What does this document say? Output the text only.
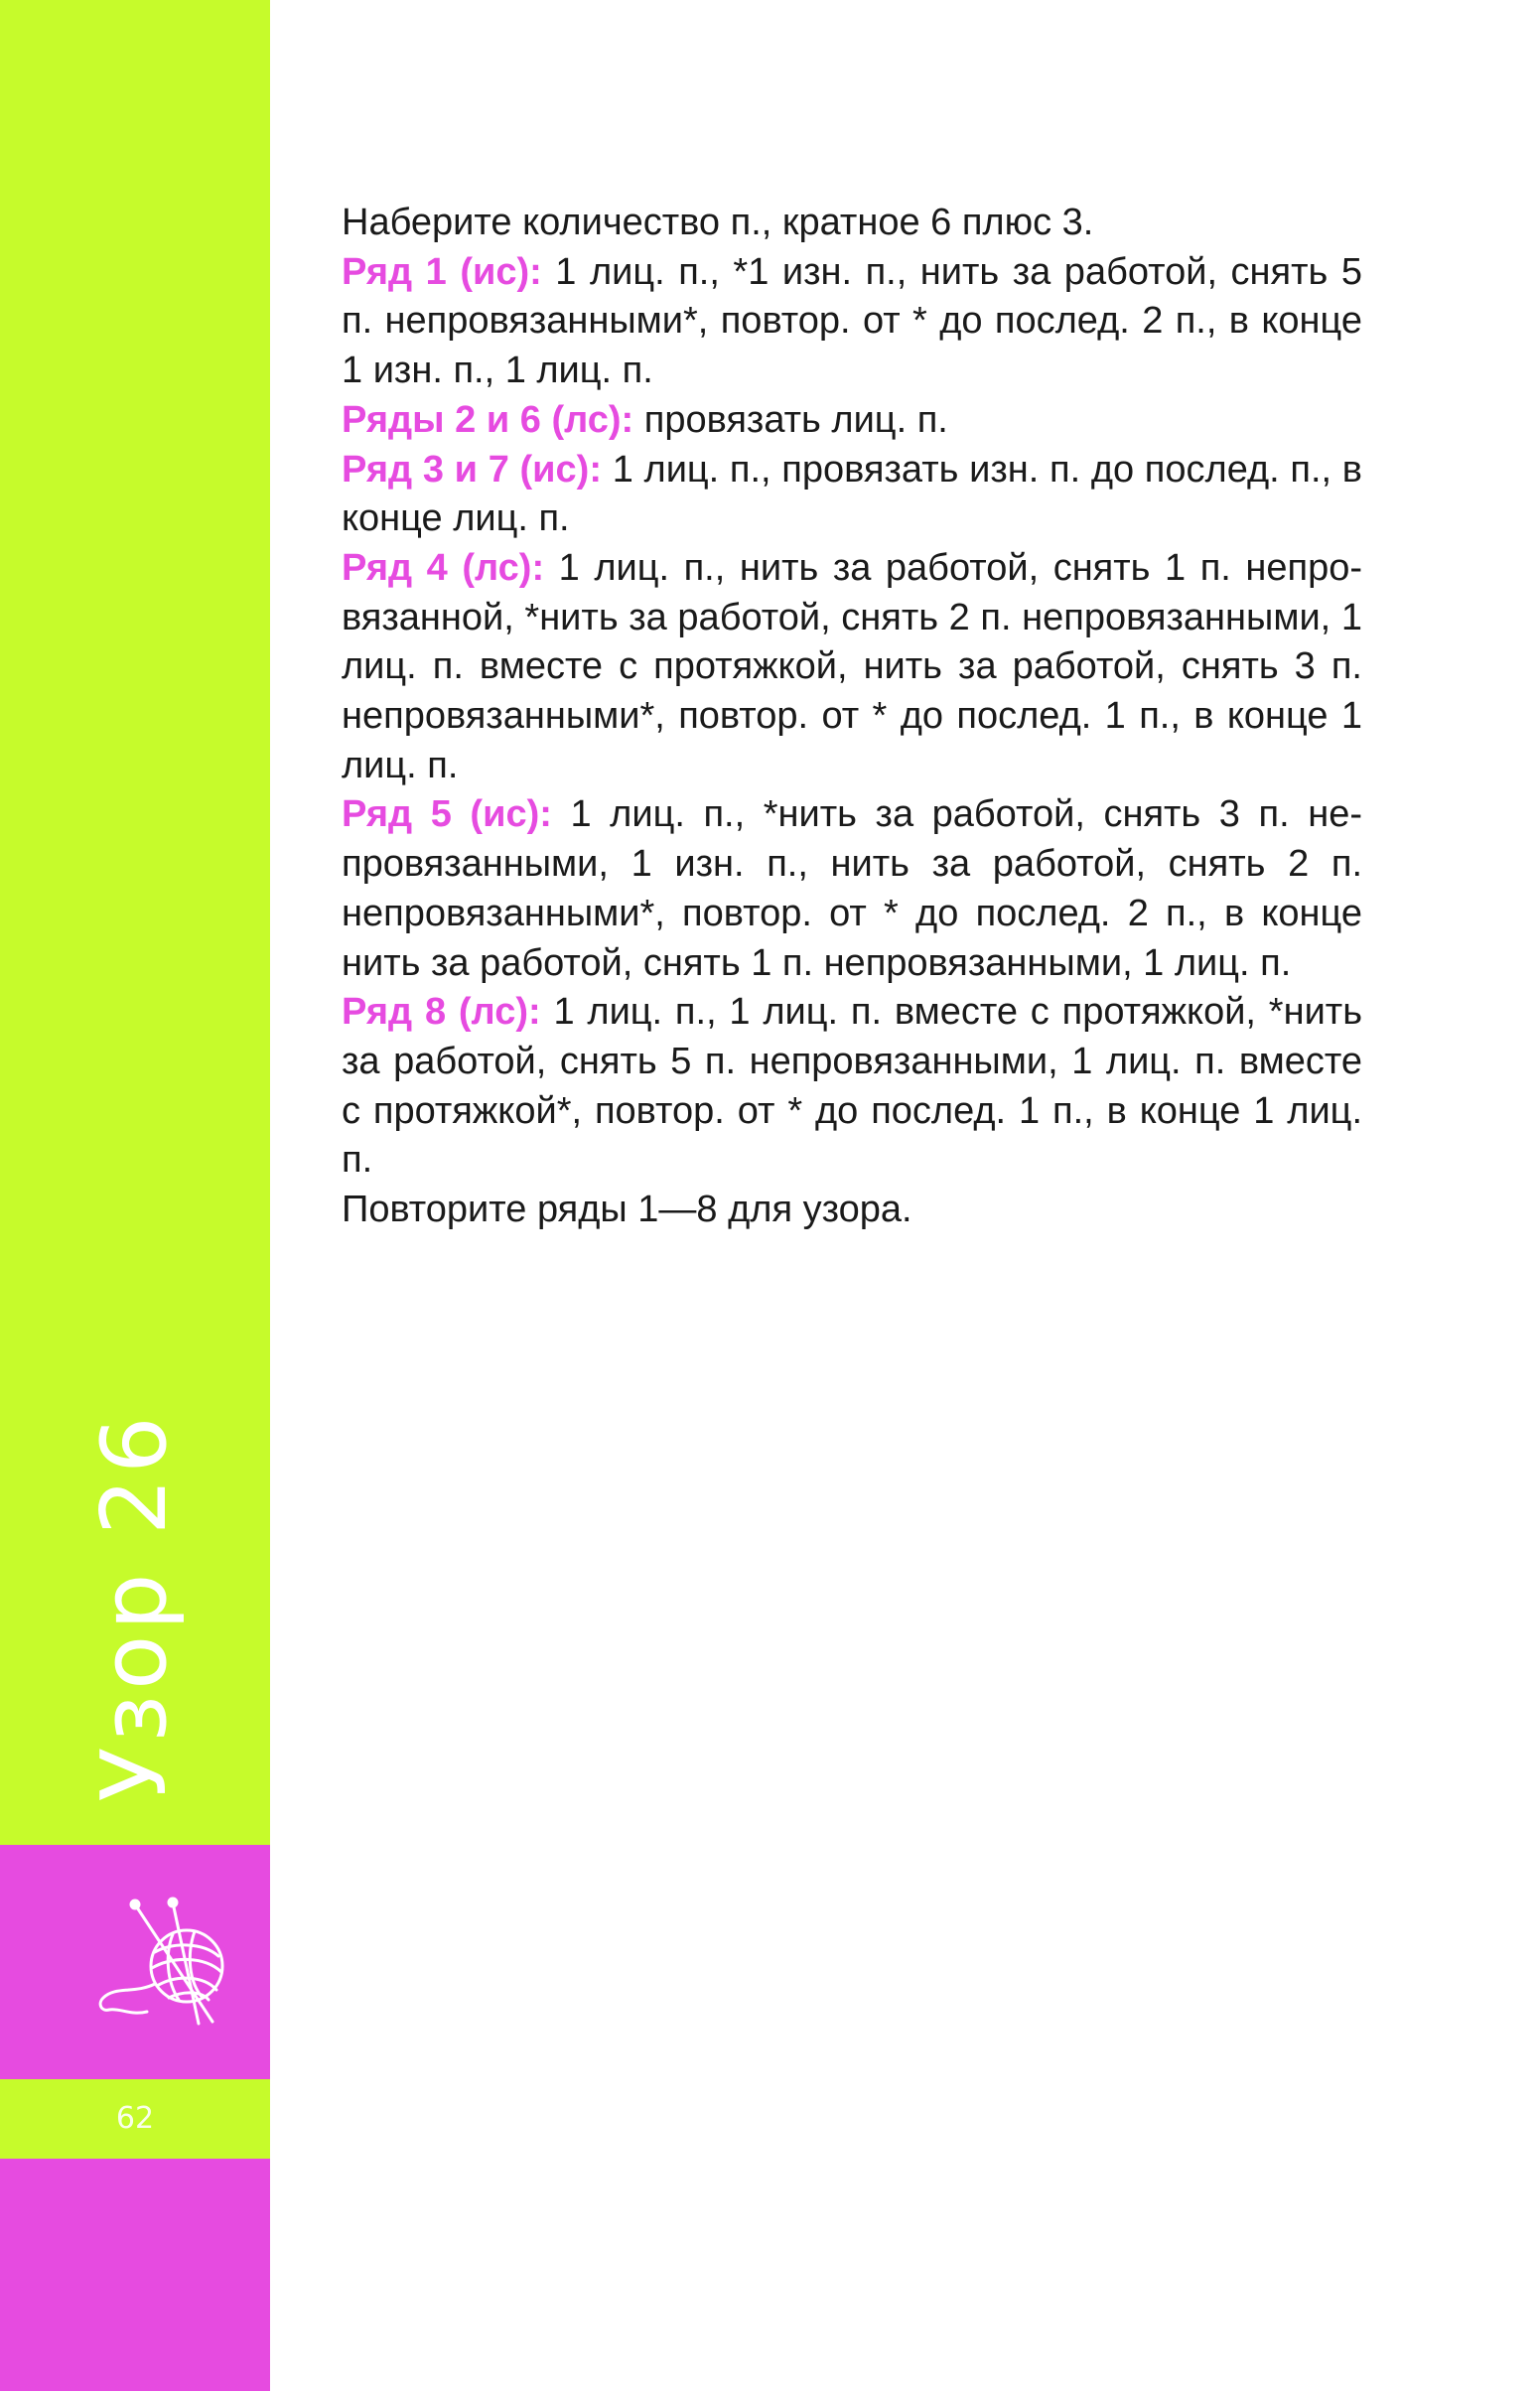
Узор 26
62

Наберите количество п., кратное 6 плюс 3.

Ряд 1 (ис): 1 лиц. п., *1 изн. п., нить за работой, снять 5 п. непровязанными*, повтор. от * до послед. 2 п., в конце 1 изн. п., 1 лиц. п.

Ряды 2 и 6 (лс): провязать лиц. п.

Ряд 3 и 7 (ис): 1 лиц. п., провязать изн. п. до послед. п., в конце лиц. п.

Ряд 4 (лс): 1 лиц. п., нить за работой, снять 1 п. непровязанной, *нить за работой, снять 2 п. непровязанными, 1 лиц. п. вместе с протяжкой, нить за работой, снять 3 п. непровязанными*, повтор. от * до послед. 1 п., в конце 1 лиц. п.

Ряд 5 (ис): 1 лиц. п., *нить за работой, снять 3 п. непровязанными, 1 изн. п., нить за работой, снять 2 п. непровязанными*, повтор. от * до послед. 2 п., в конце нить за работой, снять 1 п. непровязанными, 1 лиц. п.

Ряд 8 (лс): 1 лиц. п., 1 лиц. п. вместе с протяжкой, *нить за работой, снять 5 п. непровязанными, 1 лиц. п. вместе с протяжкой*, повтор. от * до послед. 1 п., в конце 1 лиц. п.

Повторите ряды 1—8 для узора.
